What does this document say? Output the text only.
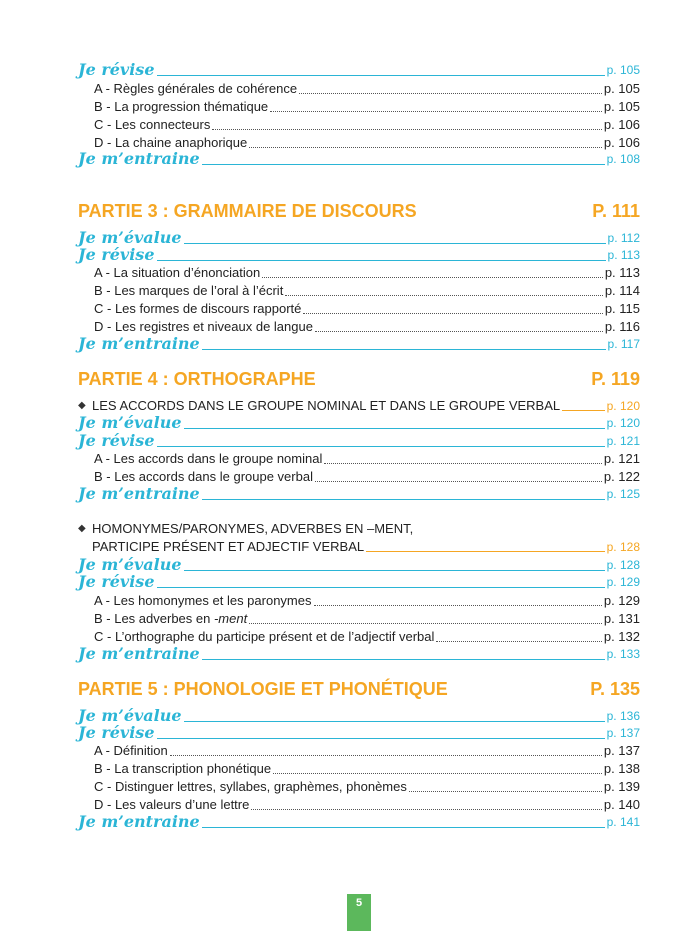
Je révise	p. 105
A - Règles générales de cohérence	p. 105
B - La progression thématique	p. 105
C - Les connecteurs	p. 106
D - La chaine anaphorique	p. 106
Je m’entraine	p. 108
PARTIE 3 : GRAMMAIRE DE DISCOURS	P. 111
Je m’évalue	p. 112
Je révise	p. 113
A - La situation d’énonciation	p. 113
B - Les marques de l’oral à l’écrit	p. 114
C - Les formes de discours rapporté	p. 115
D - Les registres et niveaux de langue	p. 116
Je m’entraine	p. 117
PARTIE 4 : ORTHOGRAPHE	P. 119
◆ LES ACCORDS DANS LE GROUPE NOMINAL ET DANS LE GROUPE VERBAL	p. 120
Je m’évalue	p. 120
Je révise	p. 121
A - Les accords dans le groupe nominal	p. 121
B - Les accords dans le groupe verbal	p. 122
Je m’entraine	p. 125
◆ HOMONYMES/PARONYMES, ADVERBES EN –MENT,
PARTICIPE PRÉSENT ET ADJECTIF VERBAL	p. 128
Je m’évalue	p. 128
Je révise	p. 129
A - Les homonymes et les paronymes	p. 129
B - Les adverbes en -ment	p. 131
C - L’orthographe du participe présent et de l’adjectif verbal	p. 132
Je m’entraine	p. 133
PARTIE 5 : PHONOLOGIE ET PHONÉTIQUE	P. 135
Je m’évalue	p. 136
Je révise	p. 137
A - Définition	p. 137
B - La transcription phonétique	p. 138
C - Distinguer lettres, syllabes, graphèmes, phonèmes	p. 139
D - Les valeurs d’une lettre	p. 140
Je m’entraine	p. 141
5
